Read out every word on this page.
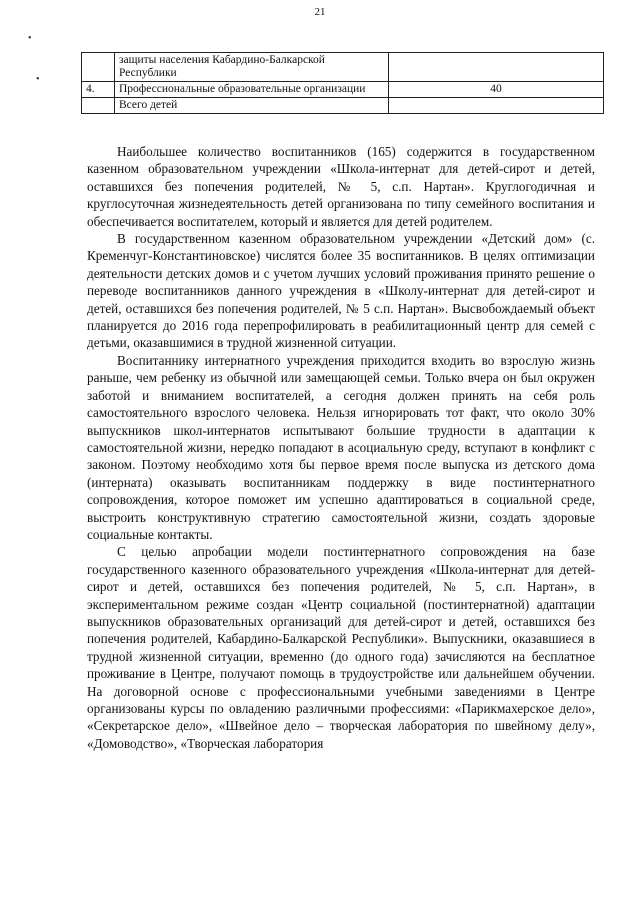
21
•
•
	защиты населения Кабардино-Балкарской Республики	
4.	Профессиональные образовательные организации	40
	Всего детей	

Наибольшее количество воспитанников (165) содержится в государственном казенном образовательном учреждении «Школа-интернат для детей-сирот и детей, оставшихся без попечения родителей, № 5, с.п. Нартан». Круглогодичная и круглосуточная жизнедеятельность детей организована по типу семейного воспитания и обеспечивается воспитателем, который и является для детей родителем.

В государственном казенном образовательном учреждении «Детский дом» (с. Кременчуг-Константиновское) числятся более 35 воспитанников. В целях оптимизации деятельности детских домов и с учетом лучших условий проживания принято решение о переводе воспитанников данного учреждения в «Школу-интернат для детей-сирот и детей, оставшихся без попечения родителей, № 5 с.п. Нартан». Высвобождаемый объект планируется до 2016 года перепрофилировать в реабилитационный центр для семей с детьми, оказавшимися в трудной жизненной ситуации.

Воспитаннику интернатного учреждения приходится входить во взрослую жизнь раньше, чем ребенку из обычной или замещающей семьи. Только вчера он был окружен заботой и вниманием воспитателей, а сегодня должен принять на себя роль самостоятельного взрослого человека. Нельзя игнорировать тот факт, что около 30% выпускников школ-интернатов испытывают большие трудности в адаптации к самостоятельной жизни, нередко попадают в асоциальную среду, вступают в конфликт с законом. Поэтому необходимо хотя бы первое время после выпуска из детского дома (интерната) оказывать воспитанникам поддержку в виде постинтернатного сопровождения, которое поможет им успешно адаптироваться в социальной среде, выстроить конструктивную стратегию самостоятельной жизни, создать здоровые социальные контакты.

С целью апробации модели постинтернатного сопровождения на базе государственного казенного образовательного учреждения «Школа-интернат для детей-сирот и детей, оставшихся без попечения родителей, № 5, с.п. Нартан», в экспериментальном режиме создан «Центр социальной (постинтернатной) адаптации выпускников образовательных организаций для детей-сирот и детей, оставшихся без попечения родителей, Кабардино-Балкарской Республики». Выпускники, оказавшиеся в трудной жизненной ситуации, временно (до одного года) зачисляются на бесплатное проживание в Центре, получают помощь в трудоустройстве или дальнейшем обучении. На договорной основе с профессиональными учебными заведениями в Центре организованы курсы по овладению различными профессиями: «Парикмахерское дело», «Секретарское дело», «Швейное дело – творческая лаборатория по швейному делу», «Домоводство», «Творческая лаборатория
